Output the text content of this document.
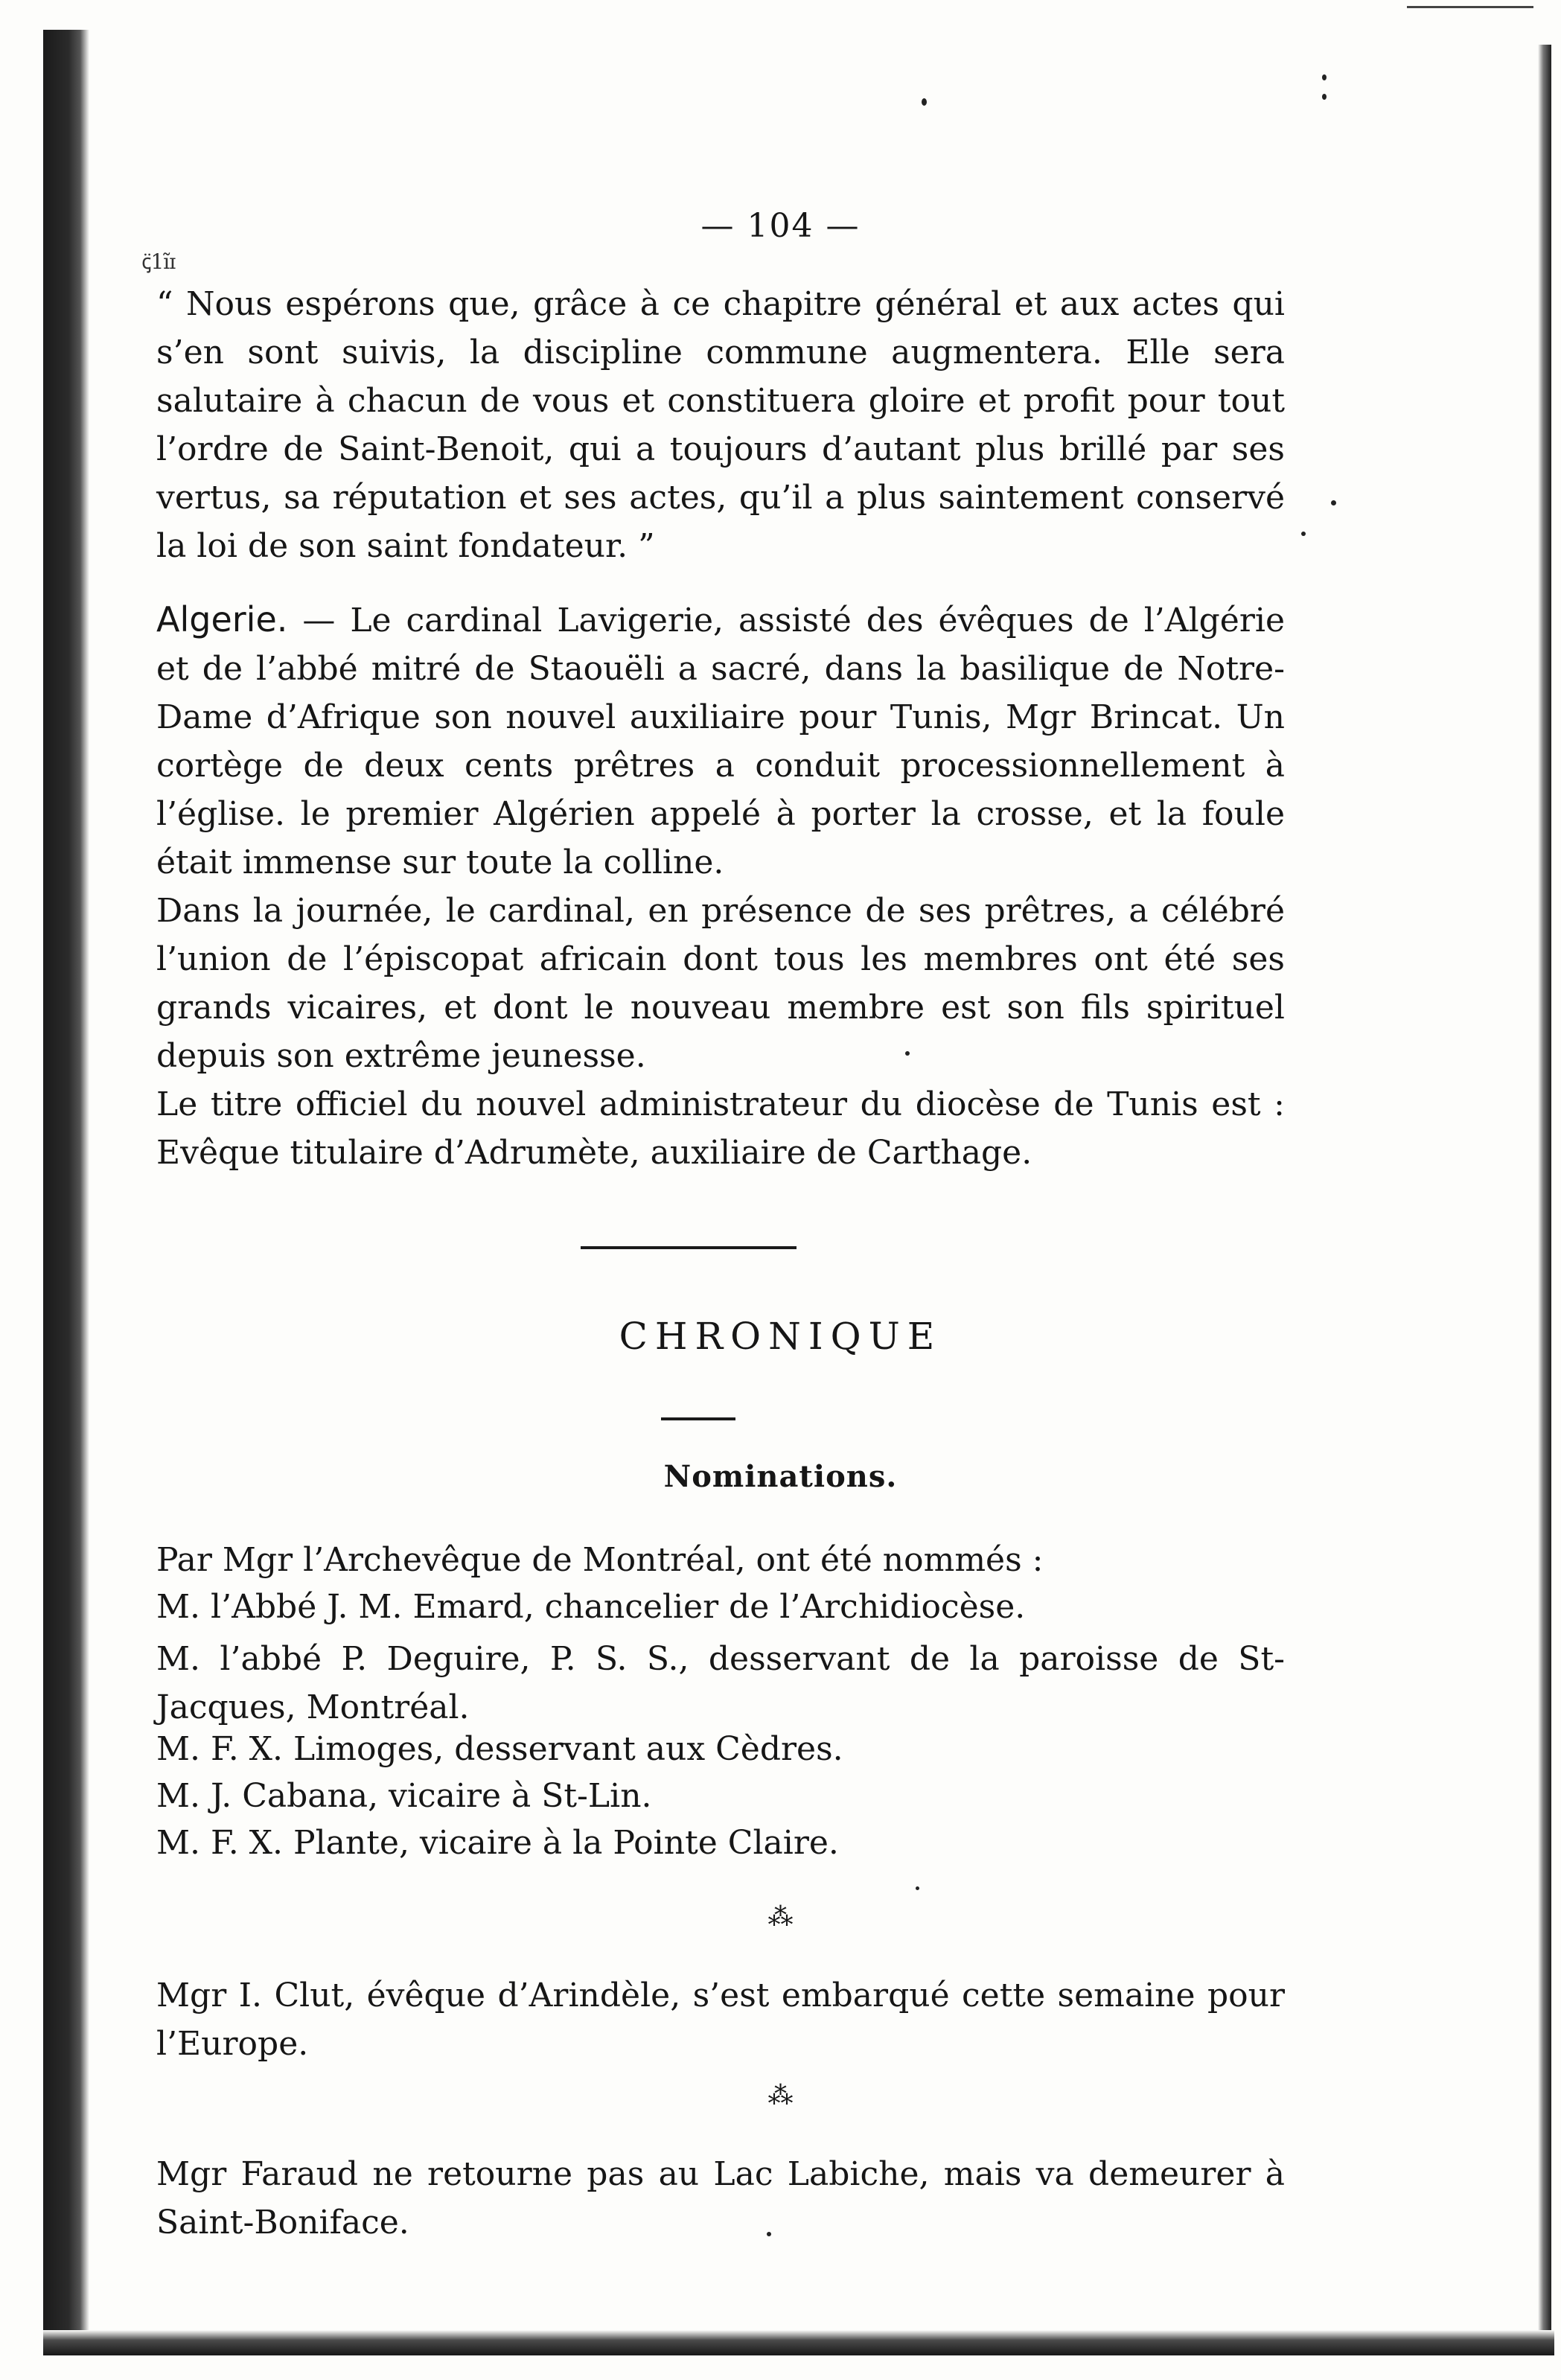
— 104 —
ꞔ̈1ĩɪ

“ Nous espérons que, grâce à ce chapitre général et aux actes qui s’en sont suivis, la discipline commune augmentera. Elle sera salutaire à chacun de vous et constituera gloire et profit pour tout l’ordre de Saint-Benoit, qui a toujours d’autant plus brillé par ses vertus, sa réputation et ses actes, qu’il a plus saintement conservé la loi de son saint fondateur. ”

Algerie. — Le cardinal Lavigerie, assisté des évêques de l’Algérie et de l’abbé mitré de Staouëli a sacré, dans la basilique de Notre-Dame d’Afrique son nouvel auxiliaire pour Tunis, Mgr Brincat. Un cortège de deux cents prêtres a conduit processionnellement à l’église. le premier Algérien appelé à porter la crosse, et la foule était immense sur toute la colline.

Dans la journée, le cardinal, en présence de ses prêtres, a célébré l’union de l’épiscopat africain dont tous les membres ont été ses grands vicaires, et dont le nouveau membre est son fils spirituel depuis son extrême jeunesse.

Le titre officiel du nouvel administrateur du diocèse de Tunis est : Evêque titulaire d’Adrumète, auxiliaire de Carthage.

CHRONIQUE
Nominations.
Par Mgr l’Archevêque de Montréal, ont été nommés :
M. l’Abbé J. M. Emard, chancelier de l’Archidiocèse.

M. l’abbé P. Deguire, P. S. S., desservant de la paroisse de St-Jacques, Montréal.

M. F. X. Limoges, desservant aux Cèdres.
M. J. Cabana, vicaire à St-Lin.
M. F. X. Plante, vicaire à la Pointe Claire.
⁂

Mgr I. Clut, évêque d’Arindèle, s’est embarqué cette semaine pour l’Europe.

⁂

Mgr Faraud ne retourne pas au Lac Labiche, mais va demeurer à Saint-Boniface.
